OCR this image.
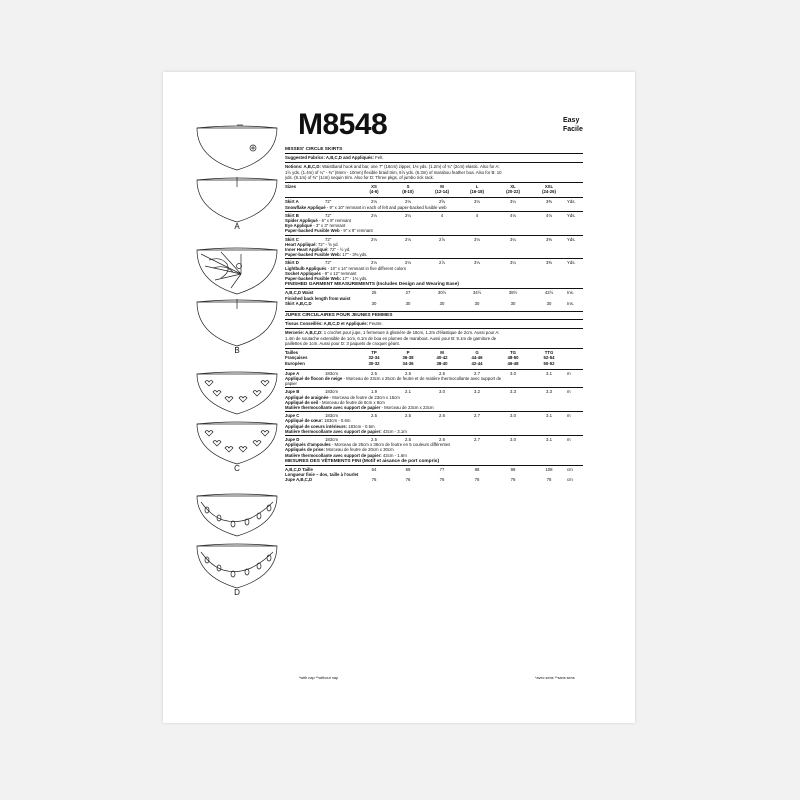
A
B
C
D
M8548	Easy
Facile
MISSES' CIRCLE SKIRTS
Suggested Fabrics: A,B,C,D and Appliqués: Felt.
Notions: A,B,C,D: Waistband hook and bar, one 7" (18cm) zipper, 1⅓ yds. (1.2m) of ¾" (2cm) elastic. Also for A:
1½ yds. (1.4m) of ¼" - ⅜" (6mm - 10mm) flexible braid trim, 6⅞ yds. (6.3m) of marabou feather boa. Also for B: 10
yds. (9.1m) of ⅜" (1cm) sequin trim. Also for D: Three pkgs. of jumbo rick rack.
Sizes	XS	S	M	L	XL	XXL
(4-6)	(8-10)	(12-14)	(16-18)	(20-22)	(24-26)
Skirt A	72"	2⅛	2⅛	2⅝	3⅛	3¼	3⅜	Yds.
Snowflake Appliqué - 9" x 10" remnant in each of felt and paper-backed fusible web
Skirt B	72"	2⅛	2¼	4	4	4⅛	4⅛	Yds.
Spider Appliqué - 6" x 9" remnant
Eye Appliqué - 3" x 3" remnant
Paper-backed Fusible Web - 9" x 9" remnant
Skirt C	72"	2⅛	2⅛	2⅞	3⅛	3¼	3⅜	Yds.
Heart Appliqué: 72" - ⅝ yd.
Inner Heart Appliqué: 72" - ½ yd.
Paper-backed Fusible Web: 17" - 3⅜ yds.
Skirt D	72"	2⅛	2⅛	2⅞	3⅛	3¼	3⅜	Yds.
Lightbulb Appliqués - 10" x 14" remnant in five different colors
Socket Appliqués - 8" x 12" remnant
Paper-backed Fusible Web: 17" - 1¾ yds.
FINISHED GARMENT MEASUREMENTS (Includes Design and Wearing Ease)
A,B,C,D Waist	25	27	30½	34½	38½	42½	Ins.
Finished back length from waist
Skirt A,B,C,D	30	30	30	30	30	30	Ins.
JUPES CIRCULAIRES POUR JEUNES FEMMES
Tissus Conseillés: A,B,C,D et Appliqués: Feutre.
Mercerie: A,B,C,D: 1 crochet pour jupe, 1 fermeture à glissière de 18cm, 1.2m d'élastique de 2cm. Aussi pour A:
1.4m de soutache extensible de 1cm, 6.1m de boa en plumes de marabout. Aussi pour B: 9.1m de garniture de
paillettes de 1cm. Aussi pour D: 3 paquets de croquet géant.
Tailles	TP	P	M	G	TG	TTG
Françaises	32-34	36-38	40-42	44-46	48-50	52-54
Européen	30-32	34-36	38-40	42-44	46-48	50-52
Jupe A	183cm	2.5	2.5	2.6	2.7	3.0	3.1	m
Appliqué de flocon de neige - Morceau de 23cm x 25cm de feutre et de matière thermocollante avec support de
papier
Jupe B	183cm	1.9	2.1	3.0	3.2	3.3	3.3	m
Appliqué de araignée - Morceau de feutre de 23cm x 15cm
Appliqué de oeil - Morceau de feutre de 8cm x 8cm
Matière thermocollante avec support de papier - Morceau de 23cm x 23cm
Jupe C	183cm	2.5	2.5	2.6	2.7	3.0	3.1	m
Appliqué de cœur: 183cm - 0.6m
Appliqué de coeurs intérieurs: 183cm - 0.5m
Matière thermocollante avec support de papier: 43cm - 3.1m
Jupe D	183cm	2.5	2.5	2.6	2.7	3.0	3.1	m
Appliqués d'ampoules - Morceau de 25cm x 36cm de feutre en 5 couleurs différentes
Appliqués de prise: Morceau de feutre de 20cm x 30cm
Matière thermocollante avec support de papier: 43cm - 1.6m
MESURES DES VÊTEMENTS FINI (Motif et aisance de port compris)
A,B,C,D Taille	64	69	77	88	98	108	cm
Longueur finie – dos, taille à l'ourlet
Jupe A,B,C,D	76	76	76	76	76	76	cm
*with nap **without nap	*avec sens **sans sens
